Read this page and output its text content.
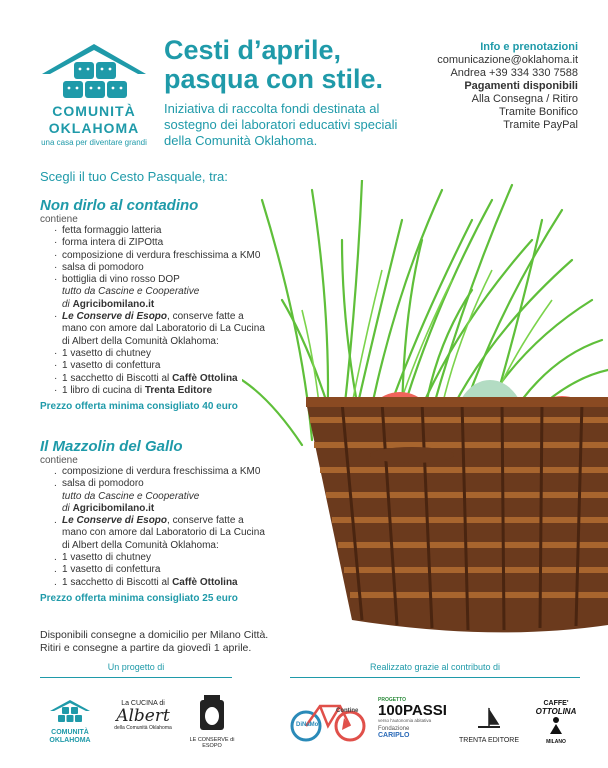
COMUNITÀ
OKLAHOMA
una casa per diventare grandi
Cesti d’aprile,
pasqua con stile.
Iniziativa di raccolta fondi destinata al sostegno dei laboratori educativi speciali della Comunità Oklahoma.
Info e prenotazioni
comunicazione@oklahoma.it
Andrea +39 334 330 7588
Pagamenti disponibili
Alla Consegna / Ritiro
Tramite Bonifico
Tramite PayPal
Scegli il tuo Cesto Pasquale, tra:
Non dirlo al contadino
contiene
· fetta formaggio latteria
· forma intera di ZIPOtta
· composizione di verdura freschissima a KM0
· salsa di pomodoro
· bottiglia di vino rosso DOP
tutto da Cascine e Cooperative
di Agricibomilano.it
· Le Conserve di Esopo, conserve fatte a mano con amore dal Laboratorio di La Cucina di Albert della Comunità Oklahoma:
· 1 vasetto di chutney
· 1 vasetto di confettura
· 1 sacchetto di Biscotti al Caffè Ottolina
· 1 libro di cucina di Trenta Editore
Prezzo offerta minima consigliato 40 euro
Il Mazzolin del Gallo
contiene
. composizione di verdura freschissima a KM0
. salsa di pomodoro
tutto da Cascine e Cooperative
di Agricibomilano.it
. Le Conserve di Esopo, conserve fatte a mano con amore dal Laboratorio di La Cucina di Albert della Comunità Oklahoma:
. 1 vasetto di chutney
. 1 vasetto di confettura
. 1 sacchetto di Biscotti al Caffè Ottolina
Prezzo offerta minima consigliato 25 euro
Disponibili consegne a domicilio per Milano Città.
Ritiri e consegne a partire da giovedì 1 aprile.
Un progetto di	Realizzato grazie al contributo di
COMUNITÀ
OKLAHOMA
La CUCINA di
Albert
della Comunità Oklahoma
LE CONSERVE di ESOPO
DiNaMo
Contine
PROGETTO
100PASSI
verso l'autonomia abitativa
Fondazione
CARIPLO
TRENTA EDITORE
CAFFE'
OTTOLINA
MILANO
